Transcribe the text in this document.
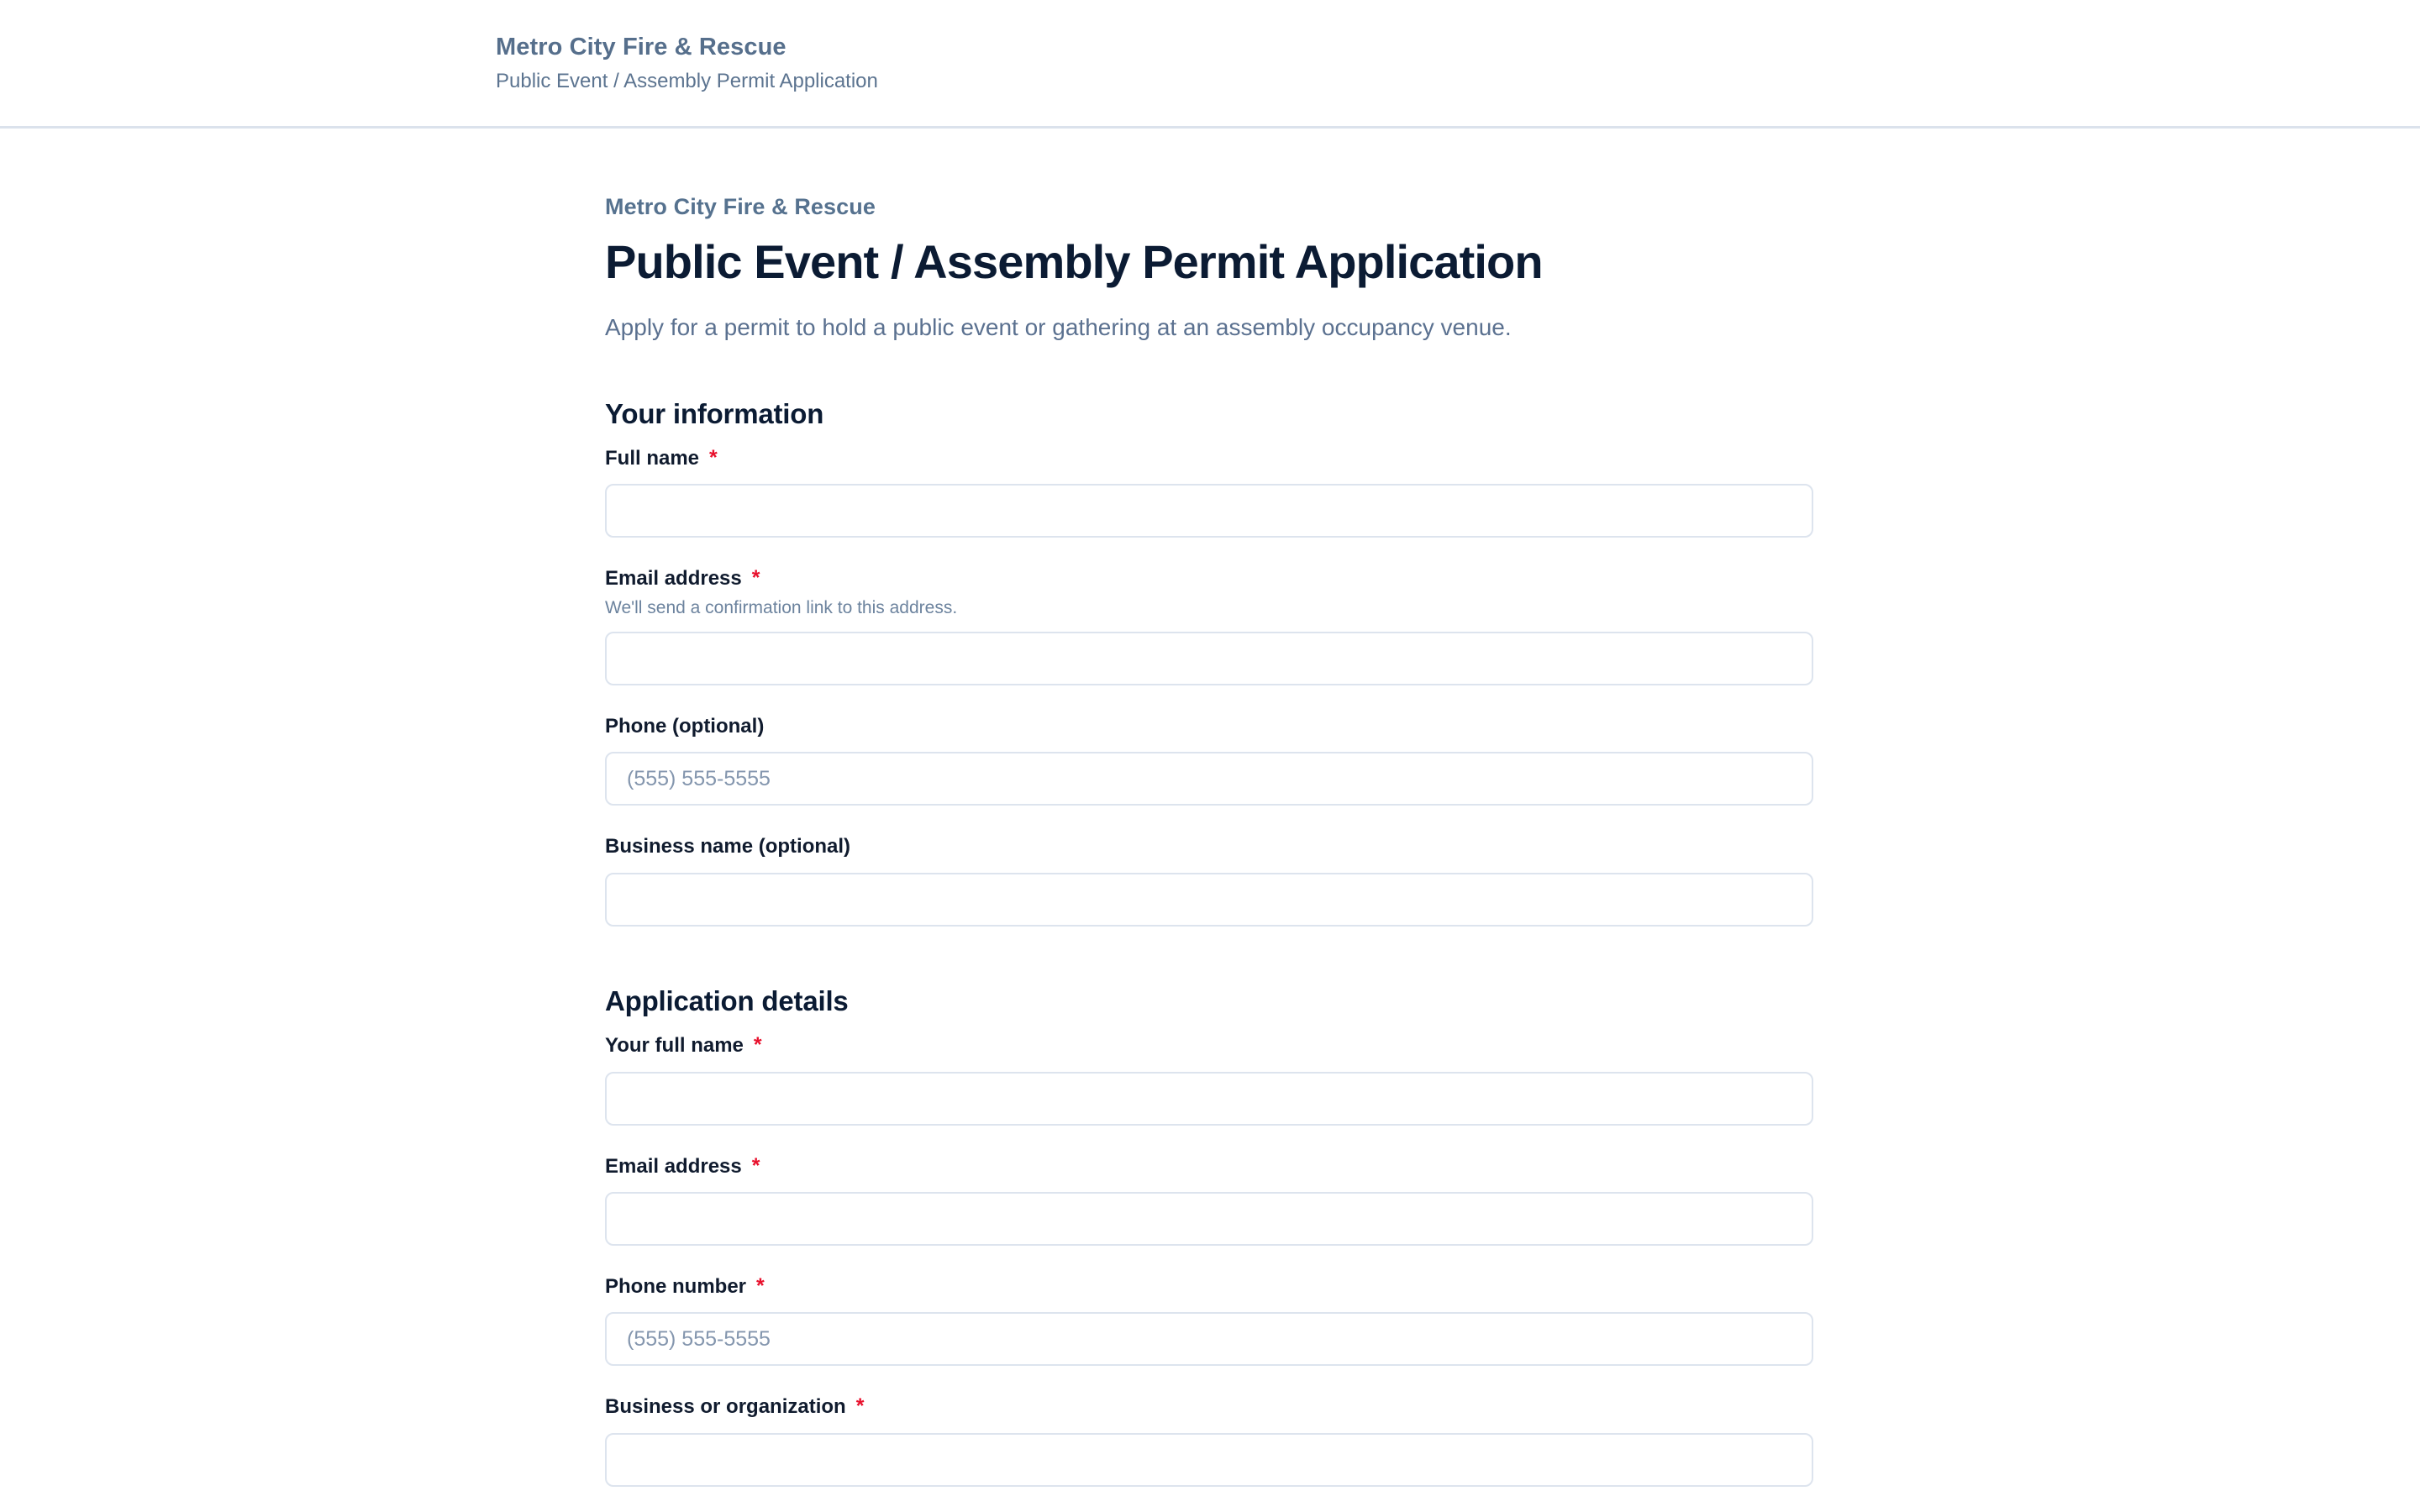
Metro City Fire & Rescue
Public Event / Assembly Permit Application
Metro City Fire & Rescue
Public Event / Assembly Permit Application

Apply for a permit to hold a public event or gathering at an assembly occupancy venue.

Your information
Full name *
Email address *
We'll send a confirmation link to this address.
Phone (optional)
(555) 555-5555
Business name (optional)
Application details
Your full name *
Email address *
Phone number *
(555) 555-5555
Business or organization *
